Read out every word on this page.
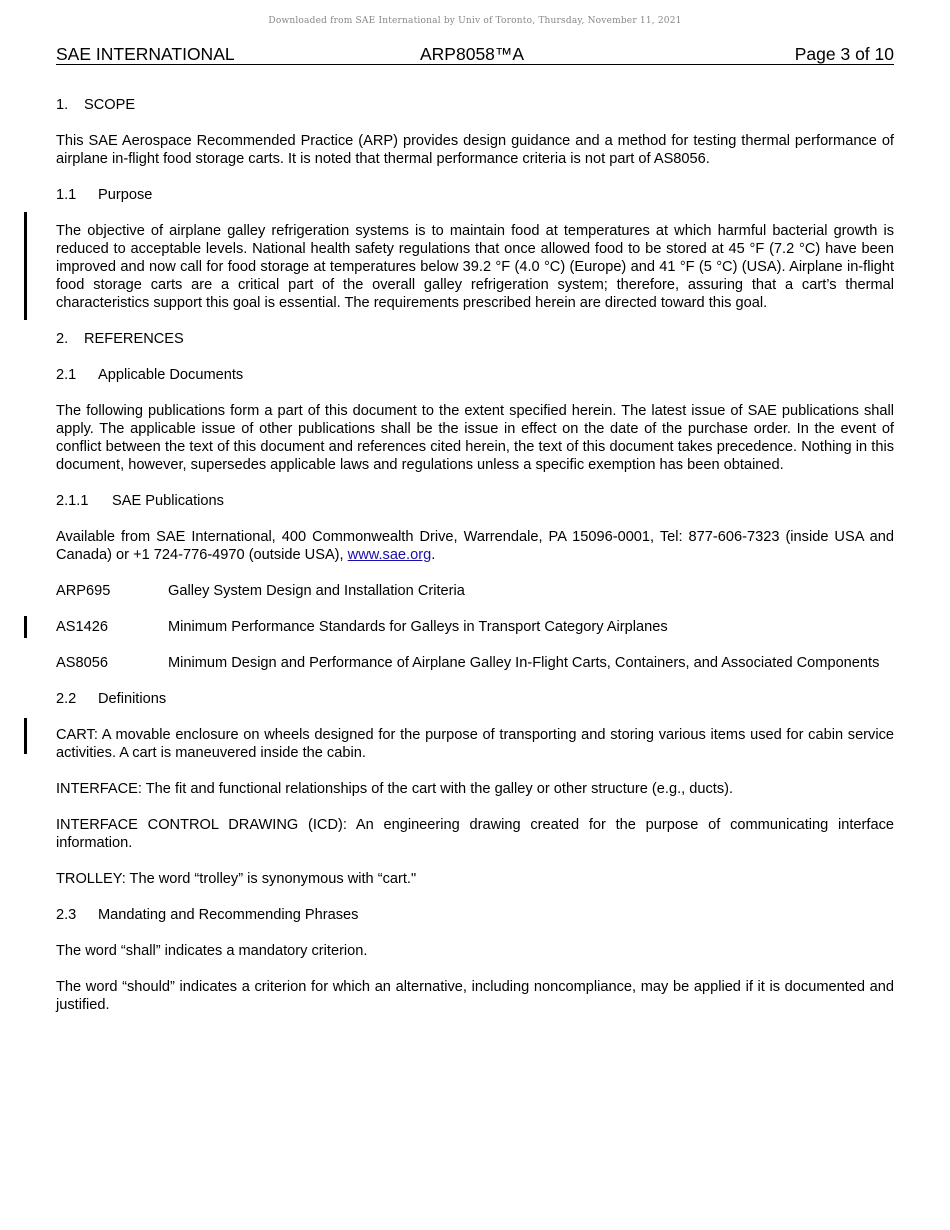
Downloaded from SAE International by Univ of Toronto, Thursday, November 11, 2021
SAE INTERNATIONAL	ARP8058™A	Page 3 of 10
1. SCOPE

This SAE Aerospace Recommended Practice (ARP) provides design guidance and a method for testing thermal performance of airplane in-flight food storage carts. It is noted that thermal performance criteria is not part of AS8056.

1.1 Purpose

The objective of airplane galley refrigeration systems is to maintain food at temperatures at which harmful bacterial growth is reduced to acceptable levels. National health safety regulations that once allowed food to be stored at 45 °F (7.2 °C) have been improved and now call for food storage at temperatures below 39.2 °F (4.0 °C) (Europe) and 41 °F (5 °C) (USA). Airplane in-flight food storage carts are a critical part of the overall galley refrigeration system; therefore, assuring that a cart’s thermal characteristics support this goal is essential. The requirements prescribed herein are directed toward this goal.

2. REFERENCES
2.1 Applicable Documents

The following publications form a part of this document to the extent specified herein. The latest issue of SAE publications shall apply. The applicable issue of other publications shall be the issue in effect on the date of the purchase order. In the event of conflict between the text of this document and references cited herein, the text of this document takes precedence. Nothing in this document, however, supersedes applicable laws and regulations unless a specific exemption has been obtained.

2.1.1 SAE Publications

Available from SAE International, 400 Commonwealth Drive, Warrendale, PA 15096-0001, Tel: 877-606-7323 (inside USA and Canada) or +1 724-776-4970 (outside USA), www.sae.org.

ARP695	Galley System Design and Installation Criteria
AS1426	Minimum Performance Standards for Galleys in Transport Category Airplanes
AS8056	Minimum Design and Performance of Airplane Galley In-Flight Carts, Containers, and Associated Components
2.2 Definitions

CART: A movable enclosure on wheels designed for the purpose of transporting and storing various items used for cabin service activities. A cart is maneuvered inside the cabin.

INTERFACE: The fit and functional relationships of the cart with the galley or other structure (e.g., ducts).

INTERFACE CONTROL DRAWING (ICD): An engineering drawing created for the purpose of communicating interface information.

TROLLEY: The word “trolley” is synonymous with “cart."

2.3 Mandating and Recommending Phrases

The word “shall” indicates a mandatory criterion.

The word “should” indicates a criterion for which an alternative, including noncompliance, may be applied if it is documented and justified.
